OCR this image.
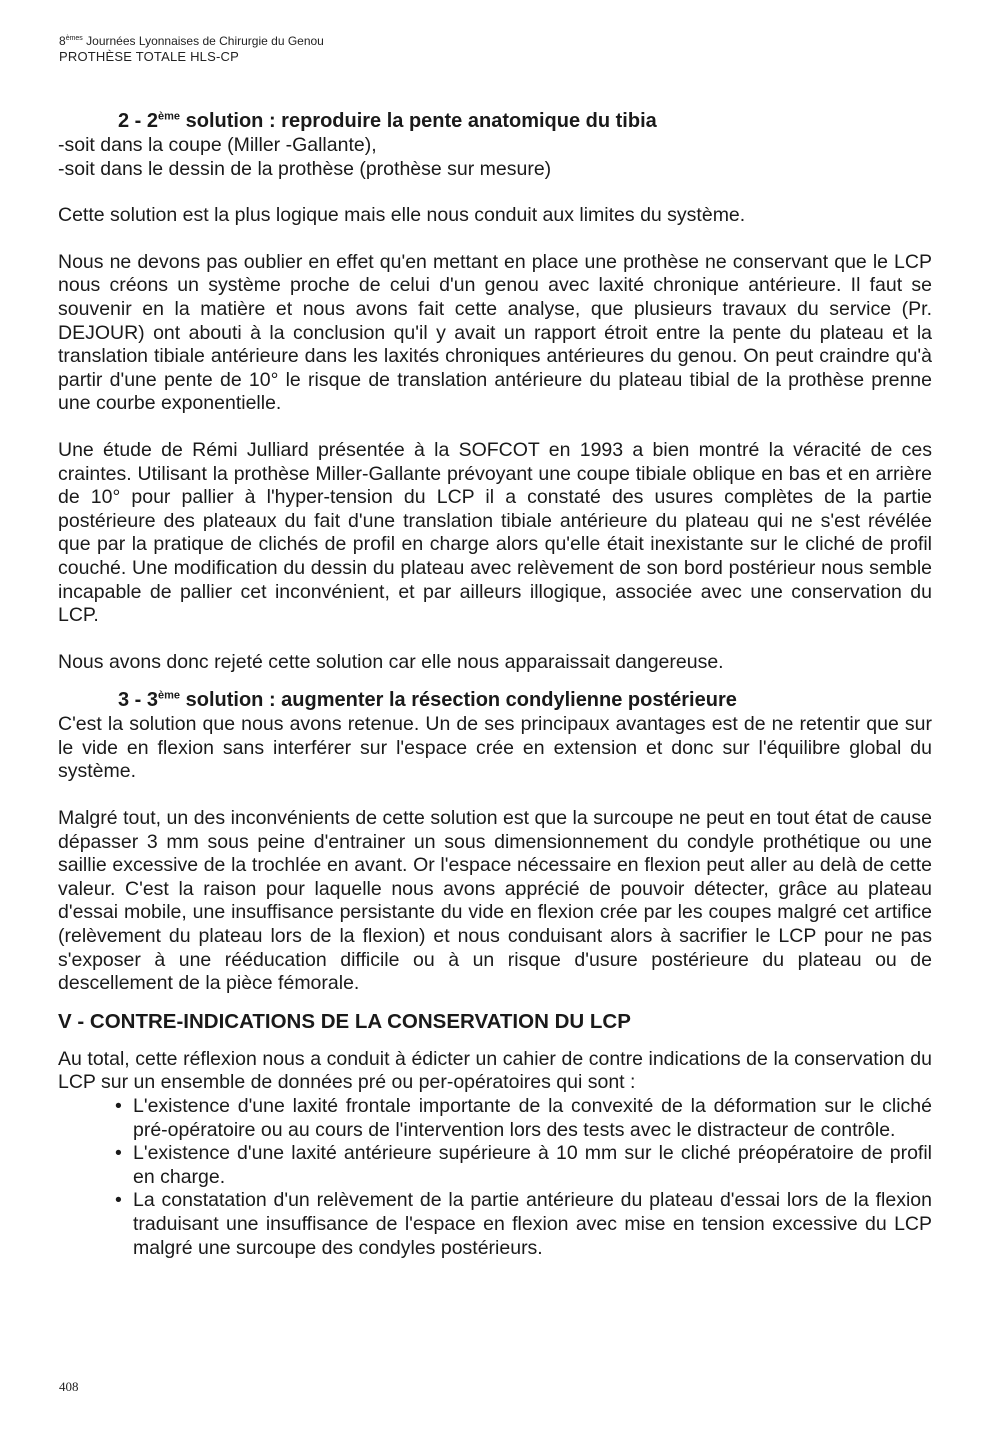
8èmes Journées Lyonnaises de Chirurgie du Genou
PROTHÈSE TOTALE HLS-CP
2 - 2ème solution : reproduire la pente anatomique du tibia

-soit dans la coupe (Miller -Gallante),

-soit dans le dessin de la prothèse (prothèse sur mesure)

Cette solution est la plus logique mais elle nous conduit aux limites du système.

Nous ne devons pas oublier en effet qu'en mettant en place une prothèse ne conservant que le LCP nous créons un système proche de celui d'un genou avec laxité chronique antérieure. Il faut se souvenir en la matière et nous avons fait cette analyse, que plusieurs travaux du service (Pr. DEJOUR) ont abouti à la conclusion qu'il y avait un rapport étroit entre la pente du plateau et la translation tibiale antérieure dans les laxités chroniques antérieures du genou. On peut craindre qu'à partir d'une pente de 10° le risque de translation antérieure du plateau tibial de la prothèse prenne une courbe exponentielle.

Une étude de Rémi Julliard présentée à la SOFCOT en 1993 a bien montré la véracité de ces craintes. Utilisant la prothèse Miller-Gallante prévoyant une coupe tibiale oblique en bas et en arrière de 10° pour pallier à l'hyper-tension du LCP il a constaté des usures complètes de la partie postérieure des plateaux du fait d'une translation tibiale antérieure du plateau qui ne s'est révélée que par la pratique de clichés de profil en charge alors qu'elle était inexistante sur le cliché de profil couché. Une modification du dessin du plateau avec relèvement de son bord postérieur nous semble incapable de pallier cet inconvénient, et par ailleurs illogique, associée avec une conservation du LCP.

Nous avons donc rejeté cette solution car elle nous apparaissait dangereuse.

3 - 3ème solution : augmenter la résection condylienne postérieure

C'est la solution que nous avons retenue. Un de ses principaux avantages est de ne retentir que sur le vide en flexion sans interférer sur l'espace crée en extension et donc sur l'équilibre global du système.

Malgré tout, un des inconvénients de cette solution est que la surcoupe ne peut en tout état de cause dépasser 3 mm sous peine d'entrainer un sous dimensionnement du condyle prothétique ou une saillie excessive de la trochlée en avant. Or l'espace nécessaire en flexion peut aller au delà de cette valeur. C'est la raison pour laquelle nous avons apprécié de pouvoir détecter, grâce au plateau d'essai mobile, une insuffisance persistante du vide en flexion crée par les coupes malgré cet artifice (relèvement du plateau lors de la flexion) et nous conduisant alors à sacrifier le LCP pour ne pas s'exposer à une rééducation difficile ou à un risque d'usure postérieure du plateau ou de descellement de la pièce fémorale.

V - CONTRE-INDICATIONS DE LA CONSERVATION DU LCP

Au total, cette réflexion nous a conduit à édicter un cahier de contre indications de la conservation du LCP sur un ensemble de données pré ou per-opératoires qui sont :

• L'existence d'une laxité frontale importante de la convexité de la déformation sur le cliché pré-opératoire ou au cours de l'intervention lors des tests avec le distracteur de contrôle.
• L'existence d'une laxité antérieure supérieure à 10 mm sur le cliché préopératoire de profil en charge.
• La constatation d'un relèvement de la partie antérieure du plateau d'essai lors de la flexion traduisant une insuffisance de l'espace en flexion avec mise en tension excessive du LCP malgré une surcoupe des condyles postérieurs.
408
